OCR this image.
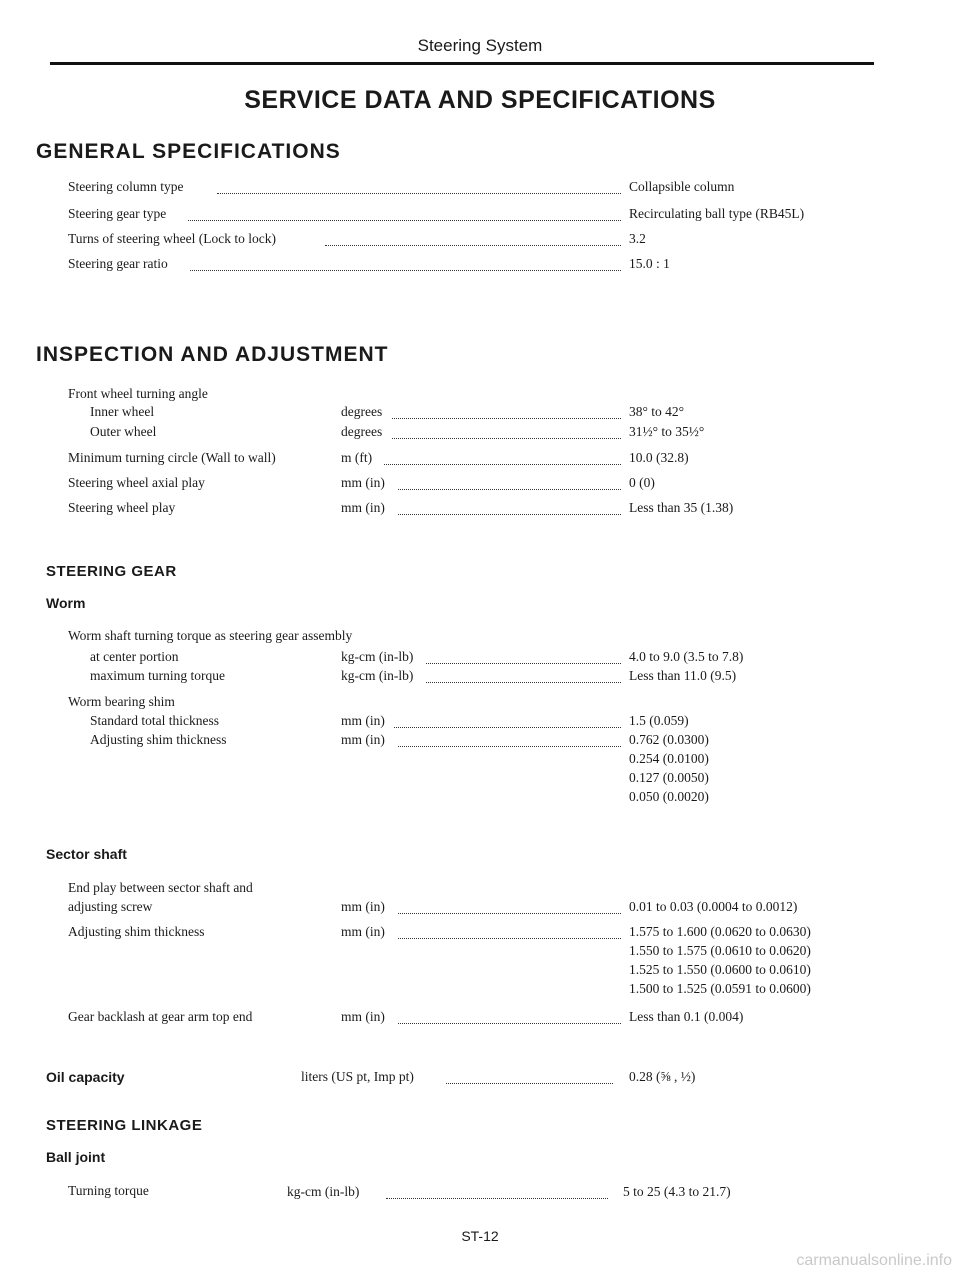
Steering System
SERVICE DATA AND SPECIFICATIONS
GENERAL SPECIFICATIONS
Steering column type	Collapsible column
Steering gear type	Recirculating ball type (RB45L)
Turns of steering wheel (Lock to lock)	3.2
Steering gear ratio	15.0 : 1
INSPECTION AND ADJUSTMENT
Front wheel turning angle
Inner wheel	degrees	38° to 42°
Outer wheel	degrees	31½° to 35½°
Minimum turning circle (Wall to wall)	m (ft)	10.0 (32.8)
Steering wheel axial play	mm (in)	0 (0)
Steering wheel play	mm (in)	Less than 35 (1.38)
STEERING GEAR
Worm
Worm shaft turning torque as steering gear assembly
at center portion	kg-cm (in-lb)	4.0 to 9.0 (3.5 to 7.8)
maximum turning torque	kg-cm (in-lb)	Less than 11.0 (9.5)
Worm bearing shim
Standard total thickness	mm (in)	1.5 (0.059)
Adjusting shim thickness	mm (in)	0.762 (0.0300)
0.254 (0.0100)
0.127 (0.0050)
0.050 (0.0020)
Sector shaft
End play between sector shaft and
adjusting screw	mm (in)	0.01 to 0.03 (0.0004 to 0.0012)
Adjusting shim thickness	mm (in)	1.575 to 1.600 (0.0620 to 0.0630)
1.550 to 1.575 (0.0610 to 0.0620)
1.525 to 1.550 (0.0600 to 0.0610)
1.500 to 1.525 (0.0591 to 0.0600)
Gear backlash at gear arm top end	mm (in)	Less than 0.1 (0.004)
Oil capacity	liters (US pt, Imp pt)	0.28 (⅝ , ½)
STEERING LINKAGE
Ball joint
Turning torque	kg-cm (in-lb)	5 to 25 (4.3 to 21.7)
ST-12
carmanualsonline.info
